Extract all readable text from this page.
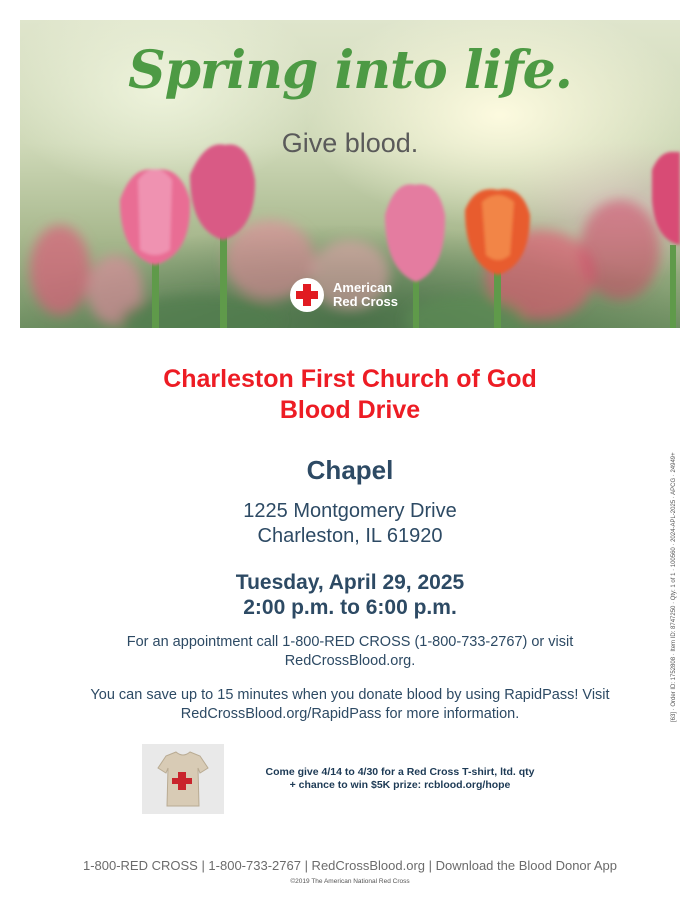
Spring into life.
Give blood.
American
Red Cross
Charleston First Church of God
Blood Drive
Chapel
1225 Montgomery Drive
Charleston, IL 61920
Tuesday, April 29, 2025
2:00 p.m. to 6:00 p.m.
For an appointment call 1-800-RED CROSS (1-800-733-2767) or visit
RedCrossBlood.org.
You can save up to 15 minutes when you donate blood by using RapidPass! Visit
RedCrossBlood.org/RapidPass for more information.
Come give 4/14 to 4/30 for a Red Cross T-shirt, ltd. qty
+ chance to win $5K prize: rcblood.org/hope
[63] · Order ID: 1752808 · Item ID: 8747250 · Qty: 1 of 1 · 100560 · 2024-APL-2025 · APCG · 24949+
1-800-RED CROSS | 1-800-733-2767 | RedCrossBlood.org | Download the Blood Donor App
©2019 The American National Red Cross
